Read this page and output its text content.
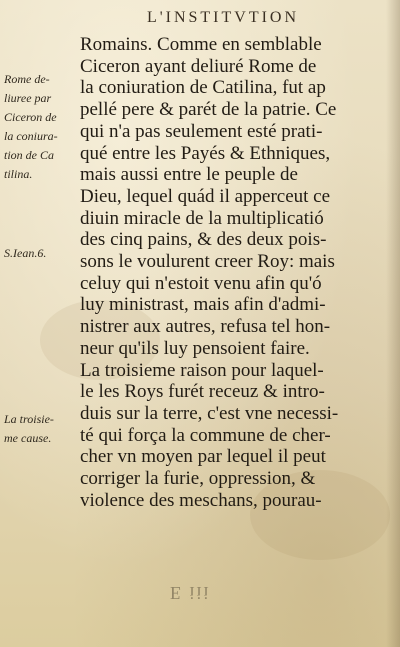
L'INSTITVTION
Rome de-
liuree par
Ciceron de
la coniura-
tion de Ca
tilina.
S.Iean.6.
La troisie-
me cause.
Romains. Comme en semblable
Ciceron ayant deliuré Rome de
la coniuration de Catilina, fut ap
pellé pere & parét de la patrie. Ce
qui n'a pas seulement esté prati-
qué entre les Payés & Ethniques,
mais aussi entre le peuple de
Dieu, lequel quád il apperceut ce
diuin miracle de la multiplicatió
des cinq pains, & des deux pois-
sons le voulurent creer Roy: mais
celuy qui n'estoit venu afin qu'ó
luy ministrast, mais afin d'admi-
nistrer aux autres, refusa tel hon-
neur qu'ils luy pensoient faire.
La troisieme raison pour laquel-
le les Roys furét receuz & intro-
duis sur la terre, c'est vne necessi-
té qui força la commune de cher-
cher vn moyen par lequel il peut
corriger la furie, oppression, &
violence des meschans, pourau-
E iii
